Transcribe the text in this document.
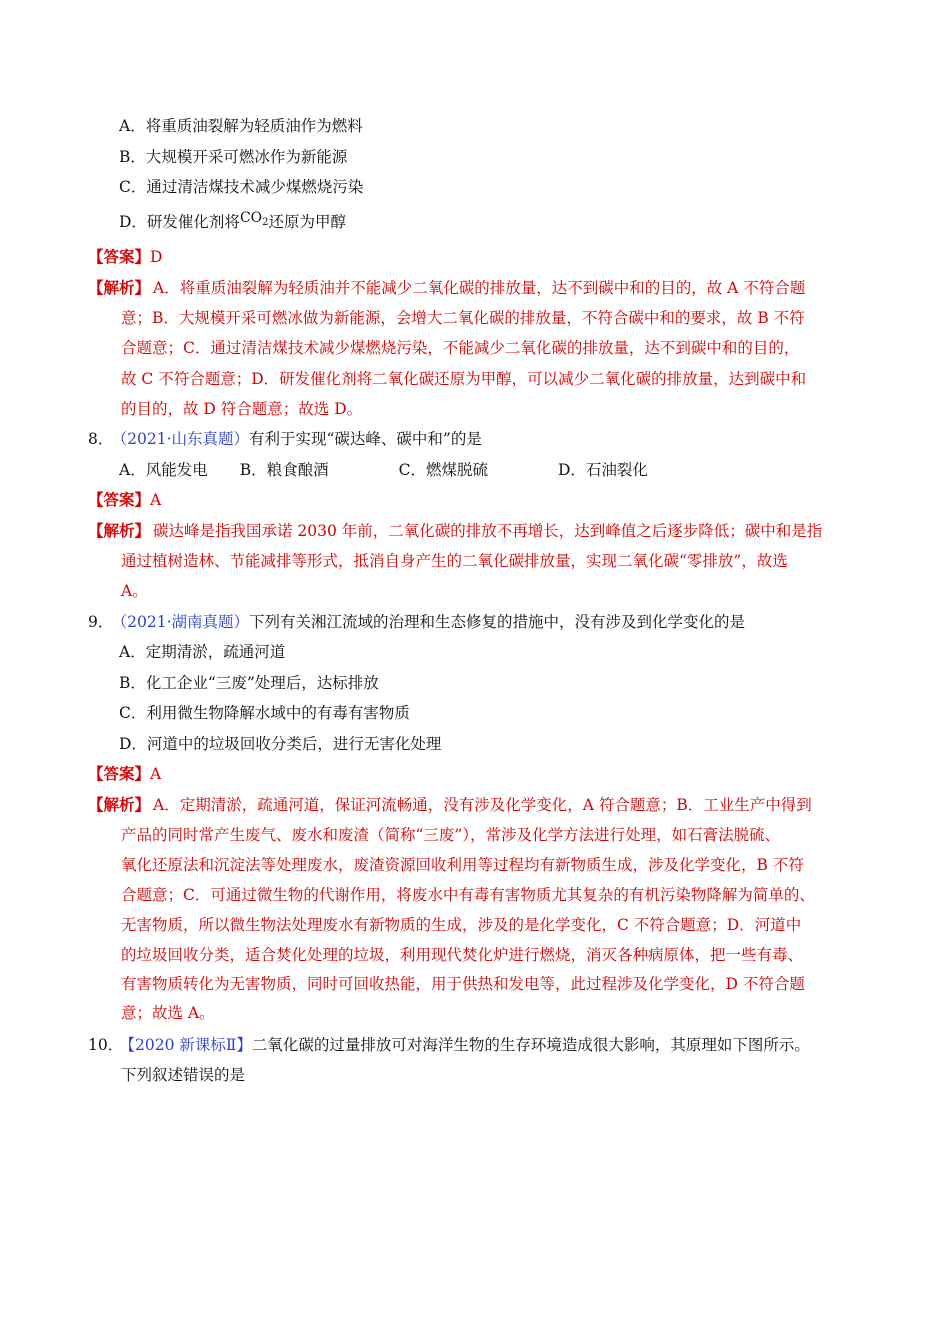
A．将重质油裂解为轻质油作为燃料
B．大规模开采可燃冰作为新能源
C．通过清洁煤技术减少煤燃烧污染
D．研发催化剂将$CO_2$还原为甲醇
【答案】D
【解析】 A．将重质油裂解为轻质油并不能减少二氧化碳的排放量，达不到碳中和的目的，故 A 不符合题
意；B．大规模开采可燃冰做为新能源，会增大二氧化碳的排放量，不符合碳中和的要求，故 B 不符
合题意；C．通过清洁煤技术减少煤燃烧污染，不能减少二氧化碳的排放量，达不到碳中和的目的，
故 C 不符合题意；D．研发催化剂将二氧化碳还原为甲醇，可以减少二氧化碳的排放量，达到碳中和
的目的，故 D 符合题意；故选 D。
8． （2021·山东真题）有利于实现“碳达峰、碳中和”的是
A．风能发电 B．粮食酿酒	C．燃煤脱硫	D．石油裂化
【答案】A
【解析】 碳达峰是指我国承诺 2030 年前，二氧化碳的排放不再增长，达到峰值之后逐步降低；碳中和是指
通过植树造林、节能减排等形式，抵消自身产生的二氧化碳排放量，实现二氧化碳“零排放”，故选
A。
9． （2021·湖南真题）下列有关湘江流域的治理和生态修复的措施中，没有涉及到化学变化的是
A．定期清淤，疏通河道
B．化工企业“三废”处理后，达标排放
C．利用微生物降解水域中的有毒有害物质
D．河道中的垃圾回收分类后，进行无害化处理
【答案】A
【解析】 A．定期清淤，疏通河道，保证河流畅通，没有涉及化学变化，A 符合题意；B．工业生产中得到
产品的同时常产生废气、废水和废渣（简称“三废”），常涉及化学方法进行处理，如石膏法脱硫、
氧化还原法和沉淀法等处理废水，废渣资源回收利用等过程均有新物质生成，涉及化学变化，B 不符
合题意；C．可通过微生物的代谢作用，将废水中有毒有害物质尤其复杂的有机污染物降解为简单的、
无害物质，所以微生物法处理废水有新物质的生成，涉及的是化学变化，C 不符合题意；D．河道中
的垃圾回收分类，适合焚化处理的垃圾，利用现代焚化炉进行燃烧，消灭各种病原体，把一些有毒、
有害物质转化为无害物质，同时可回收热能，用于供热和发电等，此过程涉及化学变化，D 不符合题
意；故选 A。
10． 【2020 新课标Ⅱ】二氧化碳的过量排放可对海洋生物的生存环境造成很大影响，其原理如下图所示。
下列叙述错误的是
